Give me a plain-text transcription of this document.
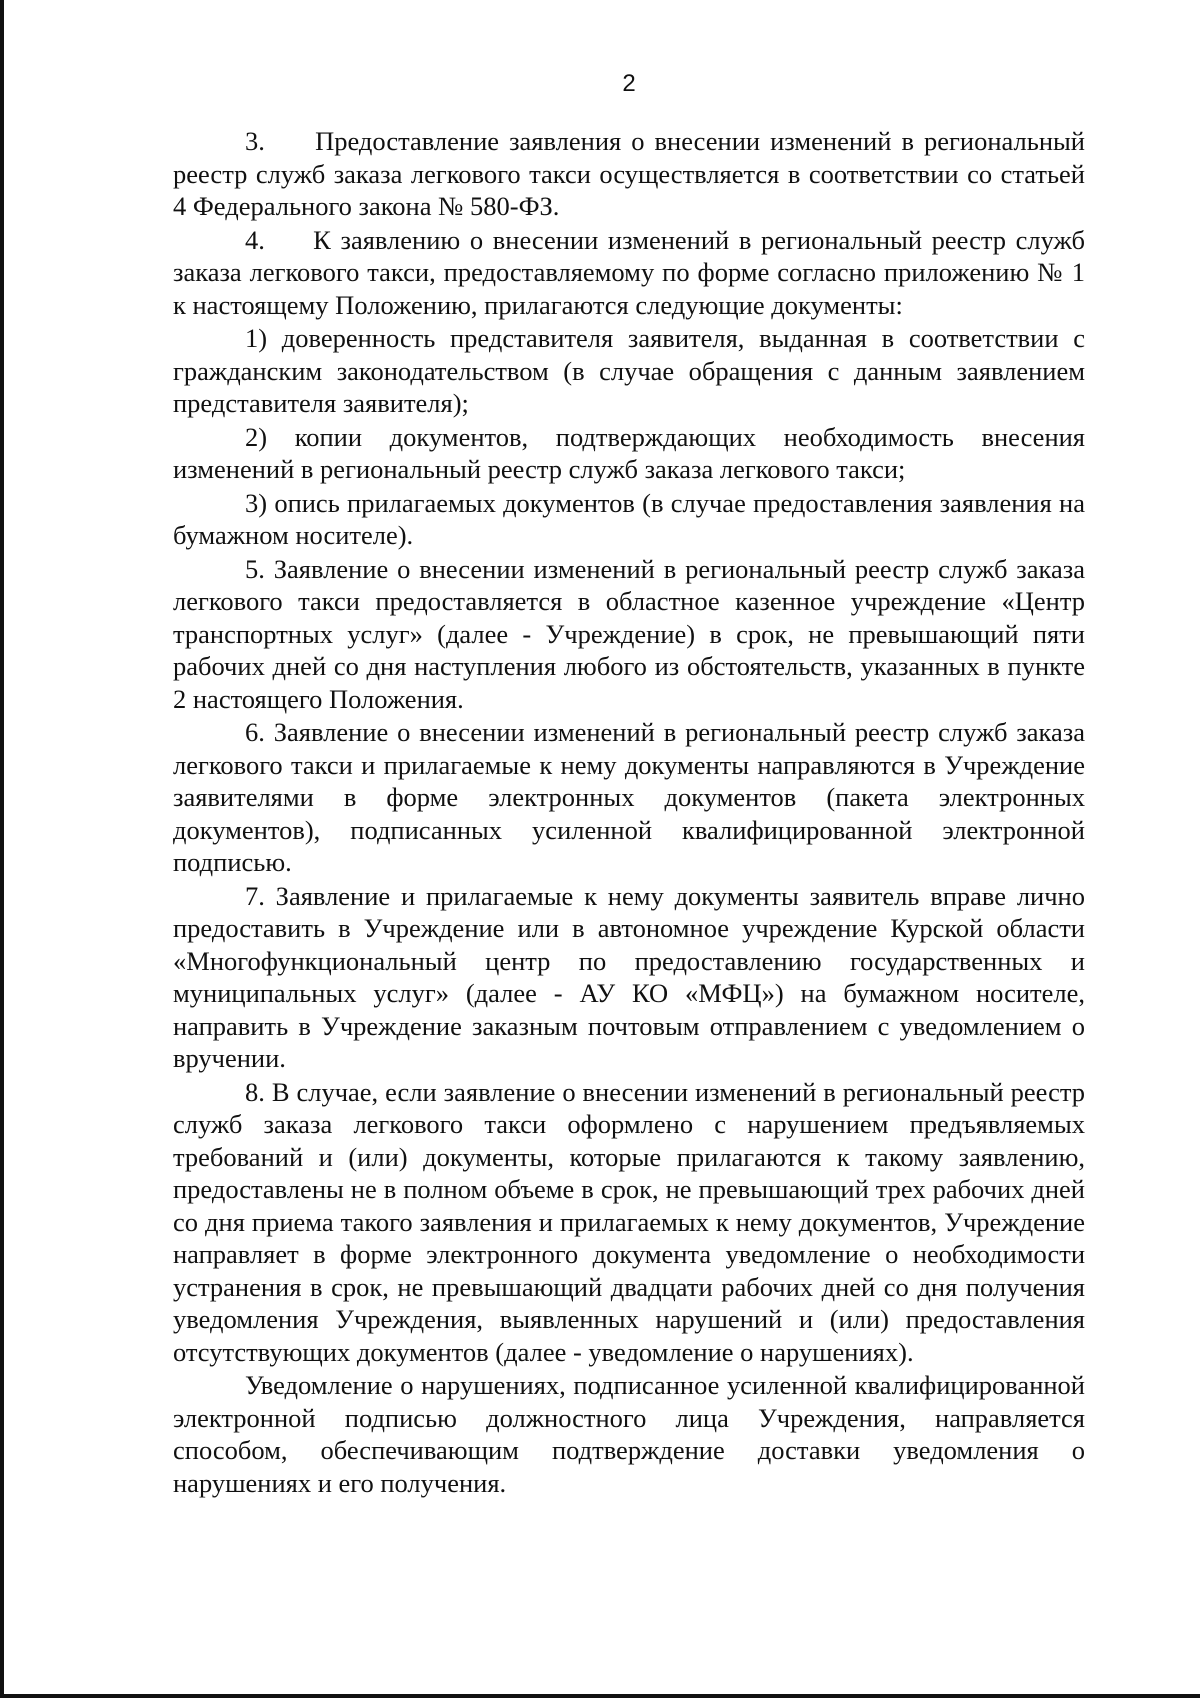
2

3.     Предоставление заявления о внесении изменений в региональный реестр служб заказа легкового такси осуществляется в соответствии со статьей 4 Федерального закона № 580-ФЗ.

4.     К заявлению о внесении изменений в региональный реестр служб заказа легкового такси, предоставляемому по форме согласно приложению № 1 к настоящему Положению, прилагаются следующие документы:

1) доверенность представителя заявителя, выданная в соответствии с гражданским законодательством (в случае обращения с данным заявлением представителя заявителя);

2) копии документов, подтверждающих необходимость внесения изменений в региональный реестр служб заказа легкового такси;

3) опись прилагаемых документов (в случае предоставления заявления на бумажном носителе).

5. Заявление о внесении изменений в региональный реестр служб заказа легкового такси предоставляется в областное казенное учреждение «Центр транспортных услуг» (далее - Учреждение) в срок, не превышающий пяти рабочих дней со дня наступления любого из обстоятельств, указанных в пункте 2 настоящего Положения.

6. Заявление о внесении изменений в региональный реестр служб заказа легкового такси и прилагаемые к нему документы направляются в Учреждение заявителями в форме электронных документов (пакета электронных документов), подписанных усиленной квалифицированной электронной подписью.

7. Заявление и прилагаемые к нему документы заявитель вправе лично предоставить в Учреждение или в автономное учреждение Курской области «Многофункциональный центр по предоставлению государственных и муниципальных услуг» (далее - АУ КО «МФЦ») на бумажном носителе, направить в Учреждение заказным почтовым отправлением с уведомлением о вручении.

8. В случае, если заявление о внесении изменений в региональный реестр служб заказа легкового такси оформлено с нарушением предъявляемых требований и (или) документы, которые прилагаются к такому заявлению, предоставлены не в полном объеме в срок, не превышающий трех рабочих дней со дня приема такого заявления и прилагаемых к нему документов, Учреждение направляет в форме электронного документа уведомление о необходимости устранения в срок, не превышающий двадцати рабочих дней со дня получения уведомления Учреждения, выявленных нарушений и (или) предоставления отсутствующих документов (далее - уведомление о нарушениях).

Уведомление о нарушениях, подписанное усиленной квалифицированной электронной подписью должностного лица Учреждения, направляется способом, обеспечивающим подтверждение доставки уведомления о нарушениях и его получения.
